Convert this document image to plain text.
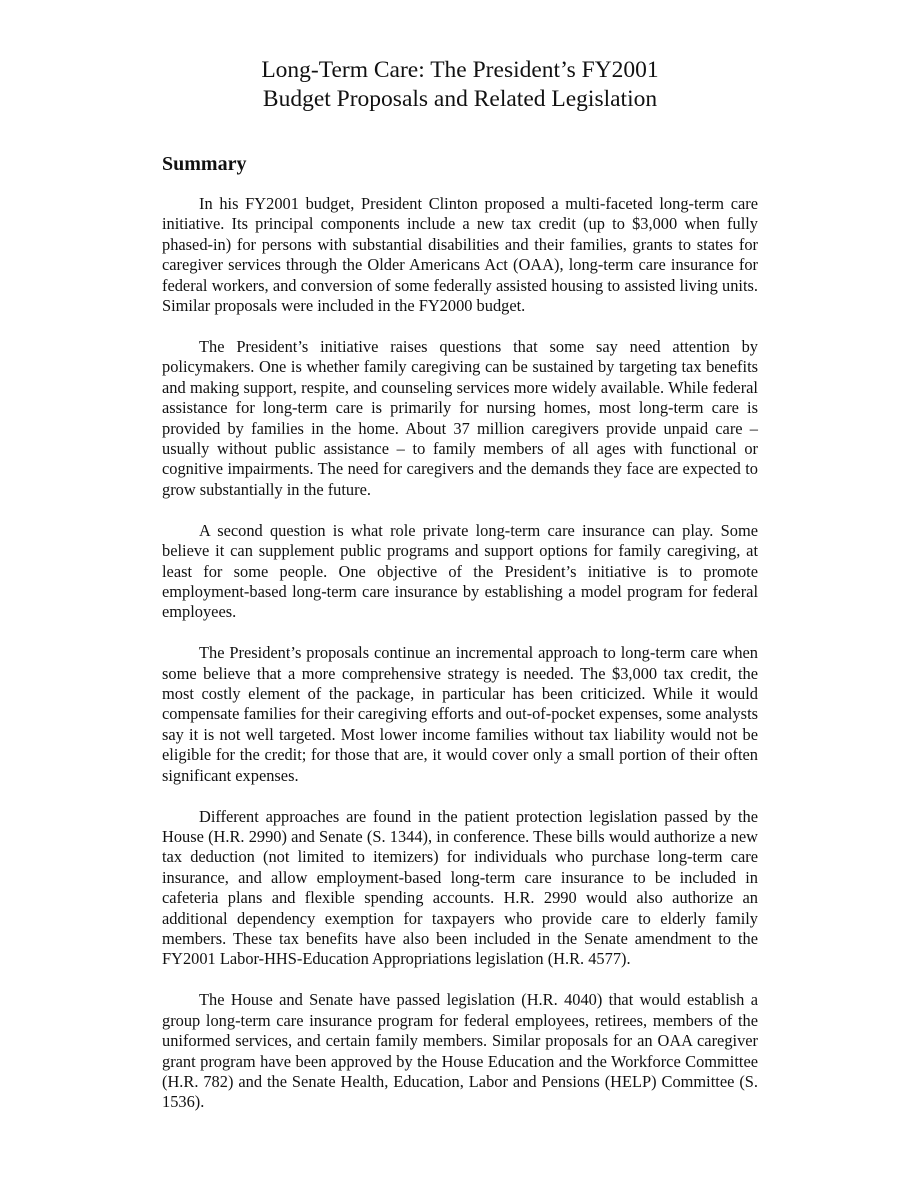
Long-Term Care: The President’s FY2001
Budget Proposals and Related Legislation
Summary

In his FY2001 budget, President Clinton proposed a multi-faceted long-term care initiative. Its principal components include a new tax credit (up to $3,000 when fully phased-in) for persons with substantial disabilities and their families, grants to states for caregiver services through the Older Americans Act (OAA), long-term care insurance for federal workers, and conversion of some federally assisted housing to assisted living units. Similar proposals were included in the FY2000 budget.

The President’s initiative raises questions that some say need attention by policymakers. One is whether family caregiving can be sustained by targeting tax benefits and making support, respite, and counseling services more widely available. While federal assistance for long-term care is primarily for nursing homes, most long-term care is provided by families in the home. About 37 million caregivers provide unpaid care – usually without public assistance – to family members of all ages with functional or cognitive impairments. The need for caregivers and the demands they face are expected to grow substantially in the future.

A second question is what role private long-term care insurance can play. Some believe it can supplement public programs and support options for family caregiving, at least for some people. One objective of the President’s initiative is to promote employment-based long-term care insurance by establishing a model program for federal employees.

The President’s proposals continue an incremental approach to long-term care when some believe that a more comprehensive strategy is needed. The $3,000 tax credit, the most costly element of the package, in particular has been criticized. While it would compensate families for their caregiving efforts and out-of-pocket expenses, some analysts say it is not well targeted. Most lower income families without tax liability would not be eligible for the credit; for those that are, it would cover only a small portion of their often significant expenses.

Different approaches are found in the patient protection legislation passed by the House (H.R. 2990) and Senate (S. 1344), in conference. These bills would authorize a new tax deduction (not limited to itemizers) for individuals who purchase long-term care insurance, and allow employment-based long-term care insurance to be included in cafeteria plans and flexible spending accounts. H.R. 2990 would also authorize an additional dependency exemption for taxpayers who provide care to elderly family members. These tax benefits have also been included in the Senate amendment to the FY2001 Labor-HHS-Education Appropriations legislation (H.R. 4577).

The House and Senate have passed legislation (H.R. 4040) that would establish a group long-term care insurance program for federal employees, retirees, members of the uniformed services, and certain family members. Similar proposals for an OAA caregiver grant program have been approved by the House Education and the Workforce Committee (H.R. 782) and the Senate Health, Education, Labor and Pensions (HELP) Committee (S. 1536).
